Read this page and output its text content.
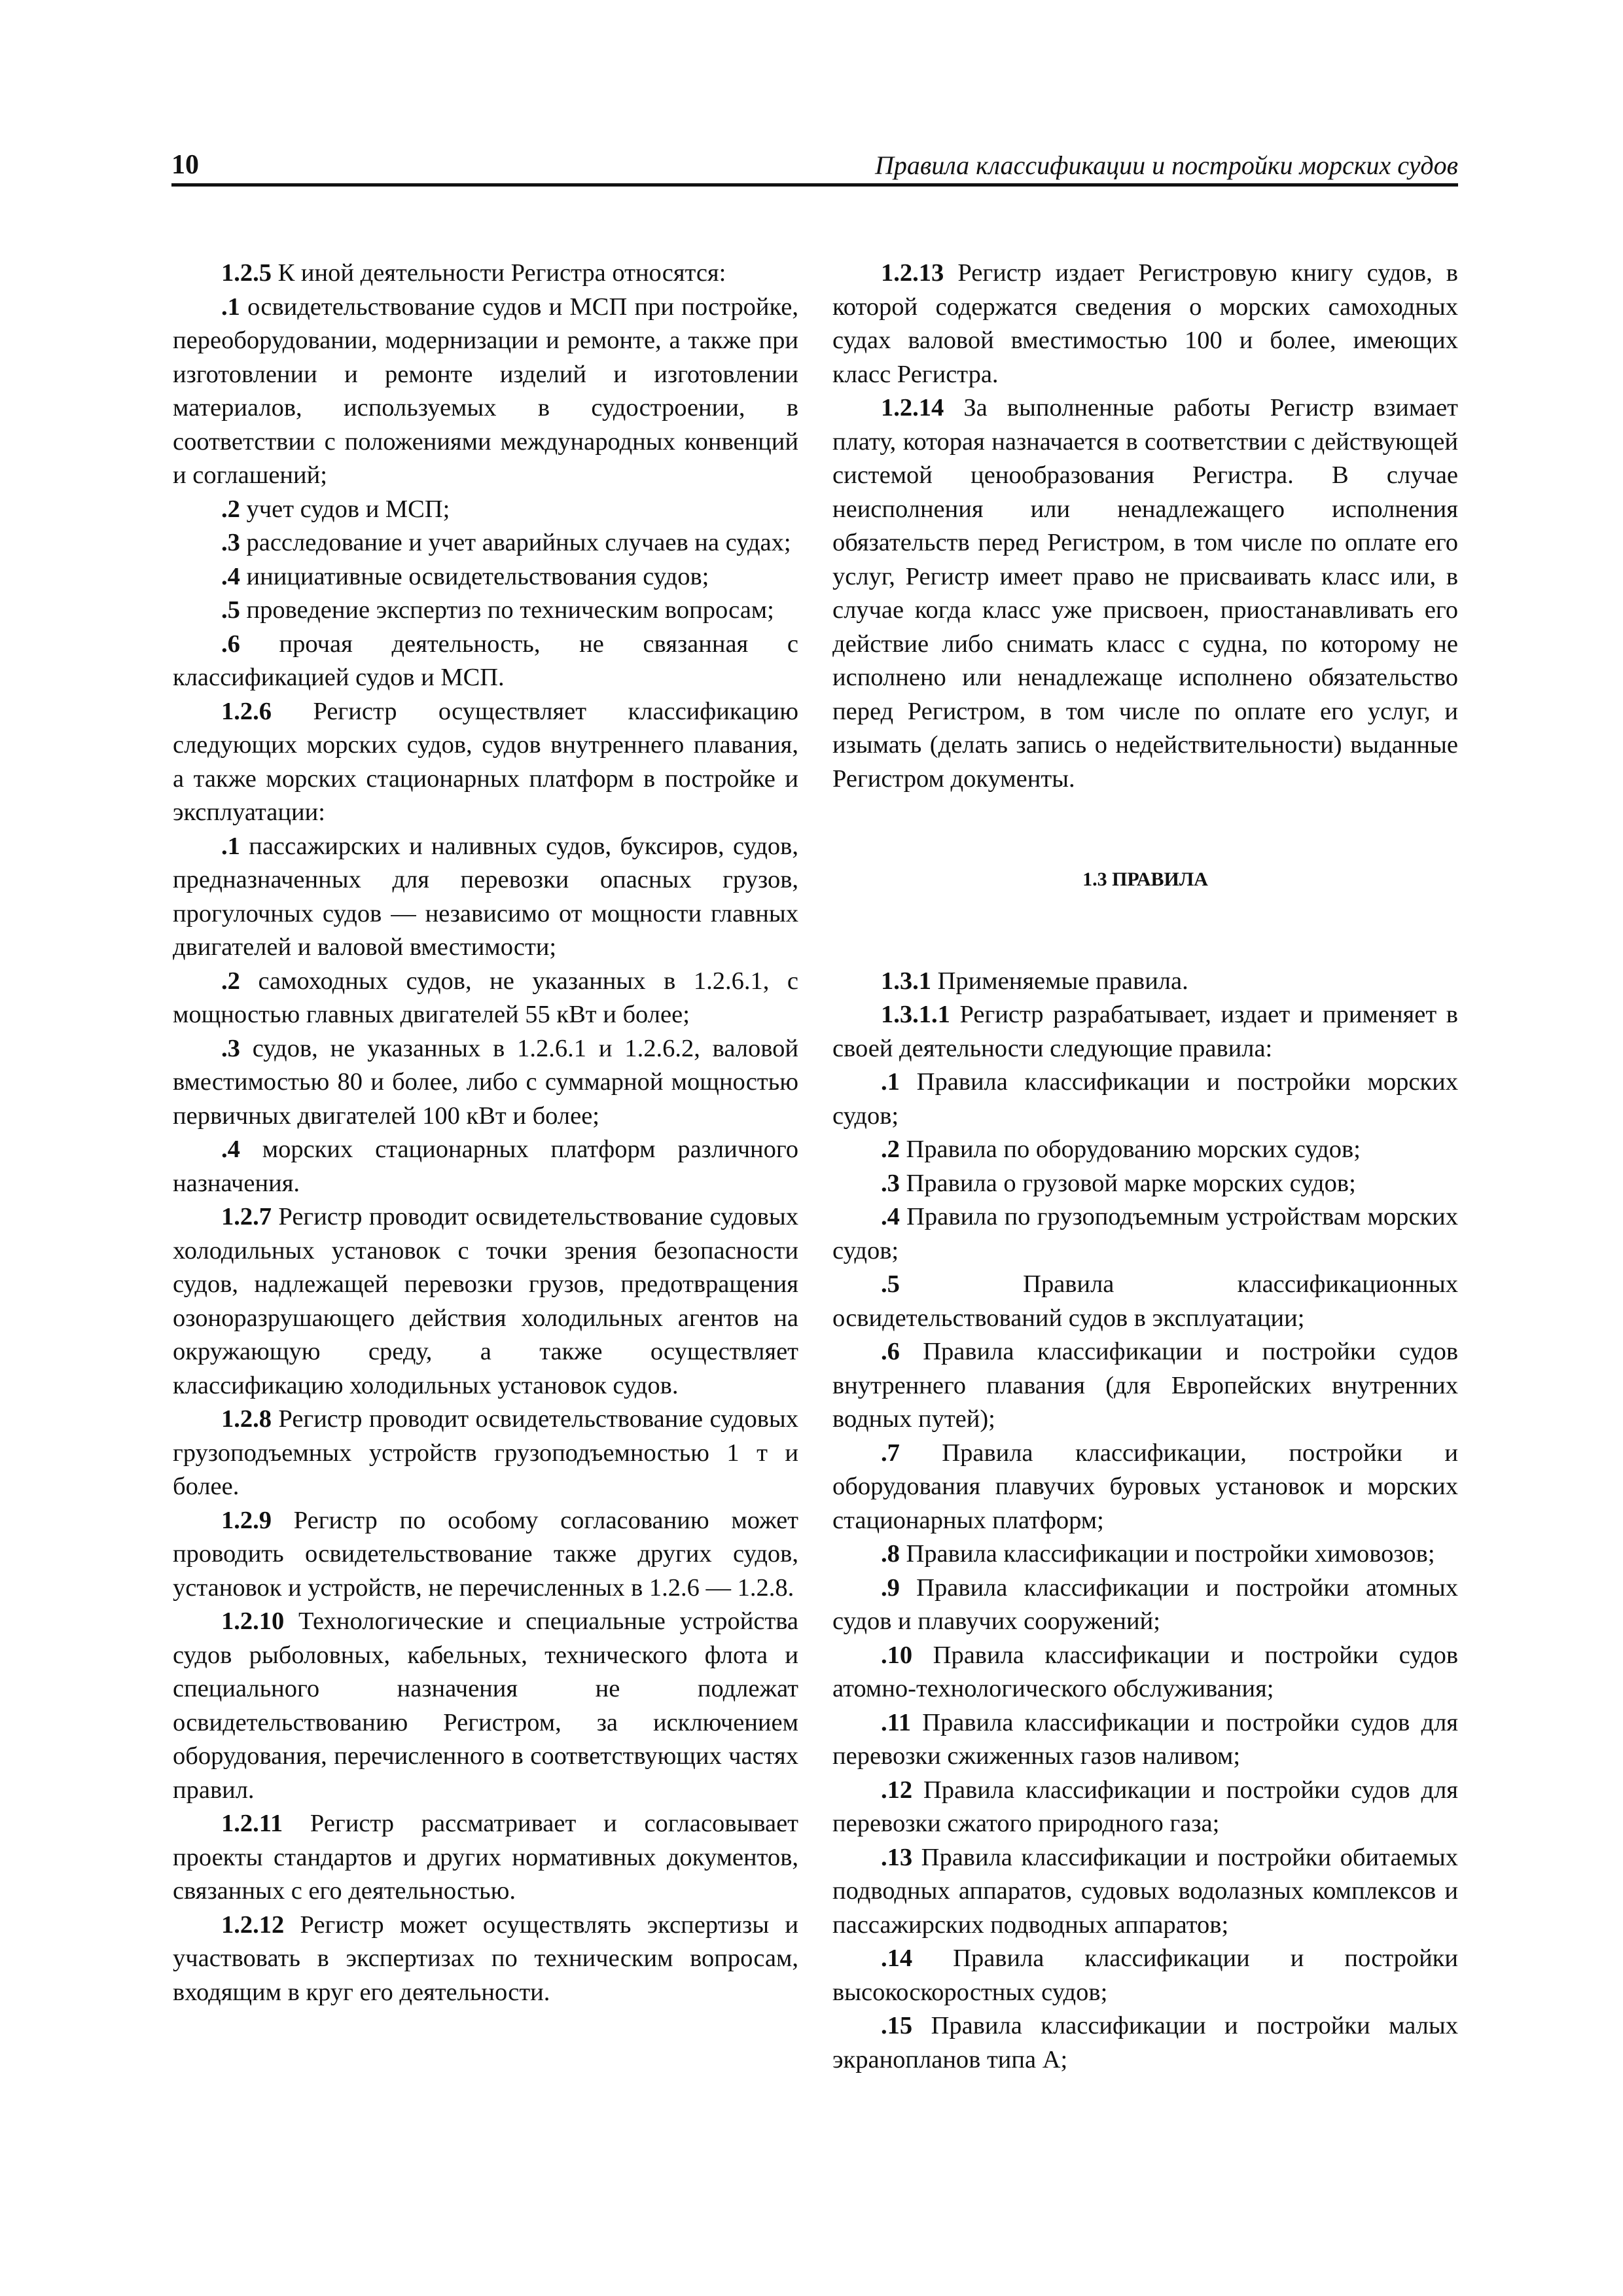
10	Правила классификации и постройки морских судов

1.2.5 К иной деятельности Регистра относятся:

.1 освидетельствование судов и МСП при постройке, переоборудовании, модернизации и ремонте, а также при изготовлении и ремонте изделий и изготовлении материалов, используемых в судостроении, в соответствии с положениями международных конвенций и соглашений;

.2 учет судов и МСП;

.3 расследование и учет аварийных случаев на судах;

.4 инициативные освидетельствования судов;

.5 проведение экспертиз по техническим вопросам;

.6 прочая деятельность, не связанная с классификацией судов и МСП.

1.2.6 Регистр осуществляет классификацию следующих морских судов, судов внутреннего плавания, а также морских стационарных платформ в постройке и эксплуатации:

.1 пассажирских и наливных судов, буксиров, судов, предназначенных для перевозки опасных грузов, прогулочных судов — независимо от мощности главных двигателей и валовой вместимости;

.2 самоходных судов, не указанных в 1.2.6.1, с мощностью главных двигателей 55 кВт и более;

.3 судов, не указанных в 1.2.6.1 и 1.2.6.2, валовой вместимостью 80 и более, либо с суммарной мощностью первичных двигателей 100 кВт и более;

.4 морских стационарных платформ различного назначения.

1.2.7 Регистр проводит освидетельствование судовых холодильных установок с точки зрения безопасности судов, надлежащей перевозки грузов, предотвращения озоноразрушающего действия холодильных агентов на окружающую среду, а также осуществляет классификацию холодильных установок судов.

1.2.8 Регистр проводит освидетельствование судовых грузоподъемных устройств грузоподъемностью 1 т и более.

1.2.9 Регистр по особому согласованию может проводить освидетельствование также других судов, установок и устройств, не перечисленных в 1.2.6 — 1.2.8.

1.2.10 Технологические и специальные устройства судов рыболовных, кабельных, технического флота и специального назначения не подлежат освидетельствованию Регистром, за исключением оборудования, перечисленного в соответствующих частях правил.

1.2.11 Регистр рассматривает и согласовывает проекты стандартов и других нормативных документов, связанных с его деятельностью.

1.2.12 Регистр может осуществлять экспертизы и участвовать в экспертизах по техническим вопросам, входящим в круг его деятельности.

1.2.13 Регистр издает Регистровую книгу судов, в которой содержатся сведения о морских самоходных судах валовой вместимостью 100 и более, имеющих класс Регистра.

1.2.14 За выполненные работы Регистр взимает плату, которая назначается в соответствии с действующей системой ценообразования Регистра. В случае неисполнения или ненадлежащего исполнения обязательств перед Регистром, в том числе по оплате его услуг, Регистр имеет право не присваивать класс или, в случае когда класс уже присвоен, приостанавливать его действие либо снимать класс с судна, по которому не исполнено или ненадлежаще исполнено обязательство перед Регистром, в том числе по оплате его услуг, и изымать (делать запись о недействительности) выданные Регистром документы.

1.3 ПРАВИЛА

1.3.1 Применяемые правила.

1.3.1.1 Регистр разрабатывает, издает и применяет в своей деятельности следующие правила:

.1 Правила классификации и постройки морских судов;

.2 Правила по оборудованию морских судов;

.3 Правила о грузовой марке морских судов;

.4 Правила по грузоподъемным устройствам морских судов;

.5 Правила классификационных освидетельствований судов в эксплуатации;

.6 Правила классификации и постройки судов внутреннего плавания (для Европейских внутренних водных путей);

.7 Правила классификации, постройки и оборудования плавучих буровых установок и морских стационарных платформ;

.8 Правила классификации и постройки химовозов;

.9 Правила классификации и постройки атомных судов и плавучих сооружений;

.10 Правила классификации и постройки судов атомно-технологического обслуживания;

.11 Правила классификации и постройки судов для перевозки сжиженных газов наливом;

.12 Правила классификации и постройки судов для перевозки сжатого природного газа;

.13 Правила классификации и постройки обитаемых подводных аппаратов, судовых водолазных комплексов и пассажирских подводных аппаратов;

.14 Правила классификации и постройки высокоскоростных судов;

.15 Правила классификации и постройки малых экранопланов типа А;
